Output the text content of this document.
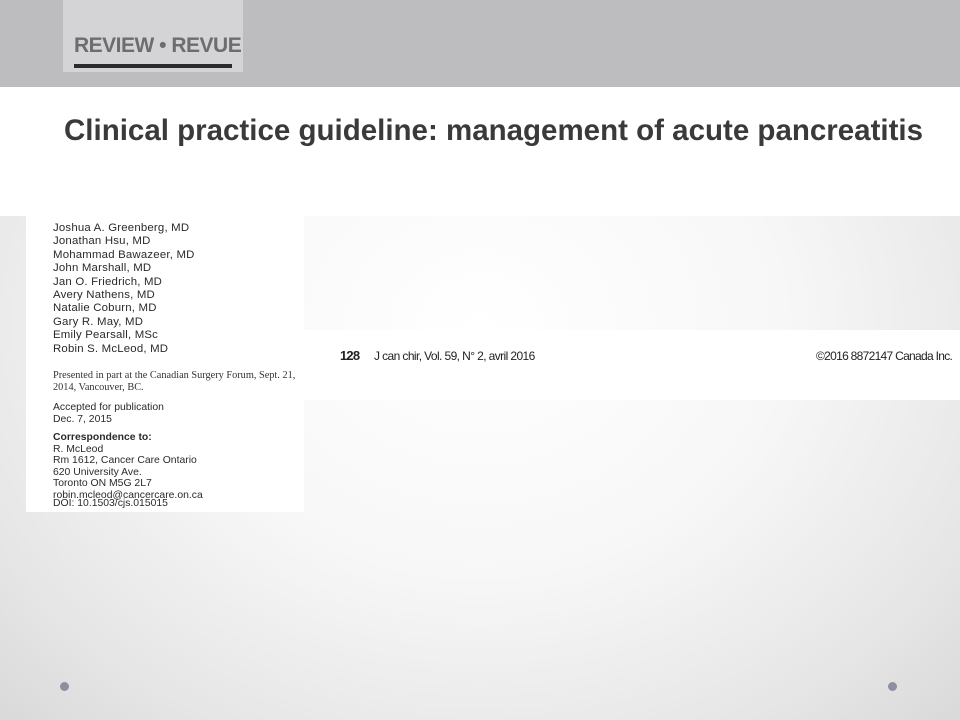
REVIEW • REVUE
Clinical practice guideline: management of acute pancreatitis
Joshua A. Greenberg, MD
Jonathan Hsu, MD
Mohammad Bawazeer, MD
John Marshall, MD
Jan O. Friedrich, MD
Avery Nathens, MD
Natalie Coburn, MD
Gary R. May, MD
Emily Pearsall, MSc
Robin S. McLeod, MD

Presented in part at the Canadian Surgery Forum, Sept. 21, 2014, Vancouver, BC.

Accepted for publication
Dec. 7, 2015
Correspondence to:
R. McLeod
Rm 1612, Cancer Care Ontario
620 University Ave.
Toronto ON M5G 2L7
robin.mcleod@cancercare.on.ca
DOI: 10.1503/cjs.015015
128 J can chir, Vol. 59, N° 2, avril 2016	©2016 8872147 Canada Inc.
